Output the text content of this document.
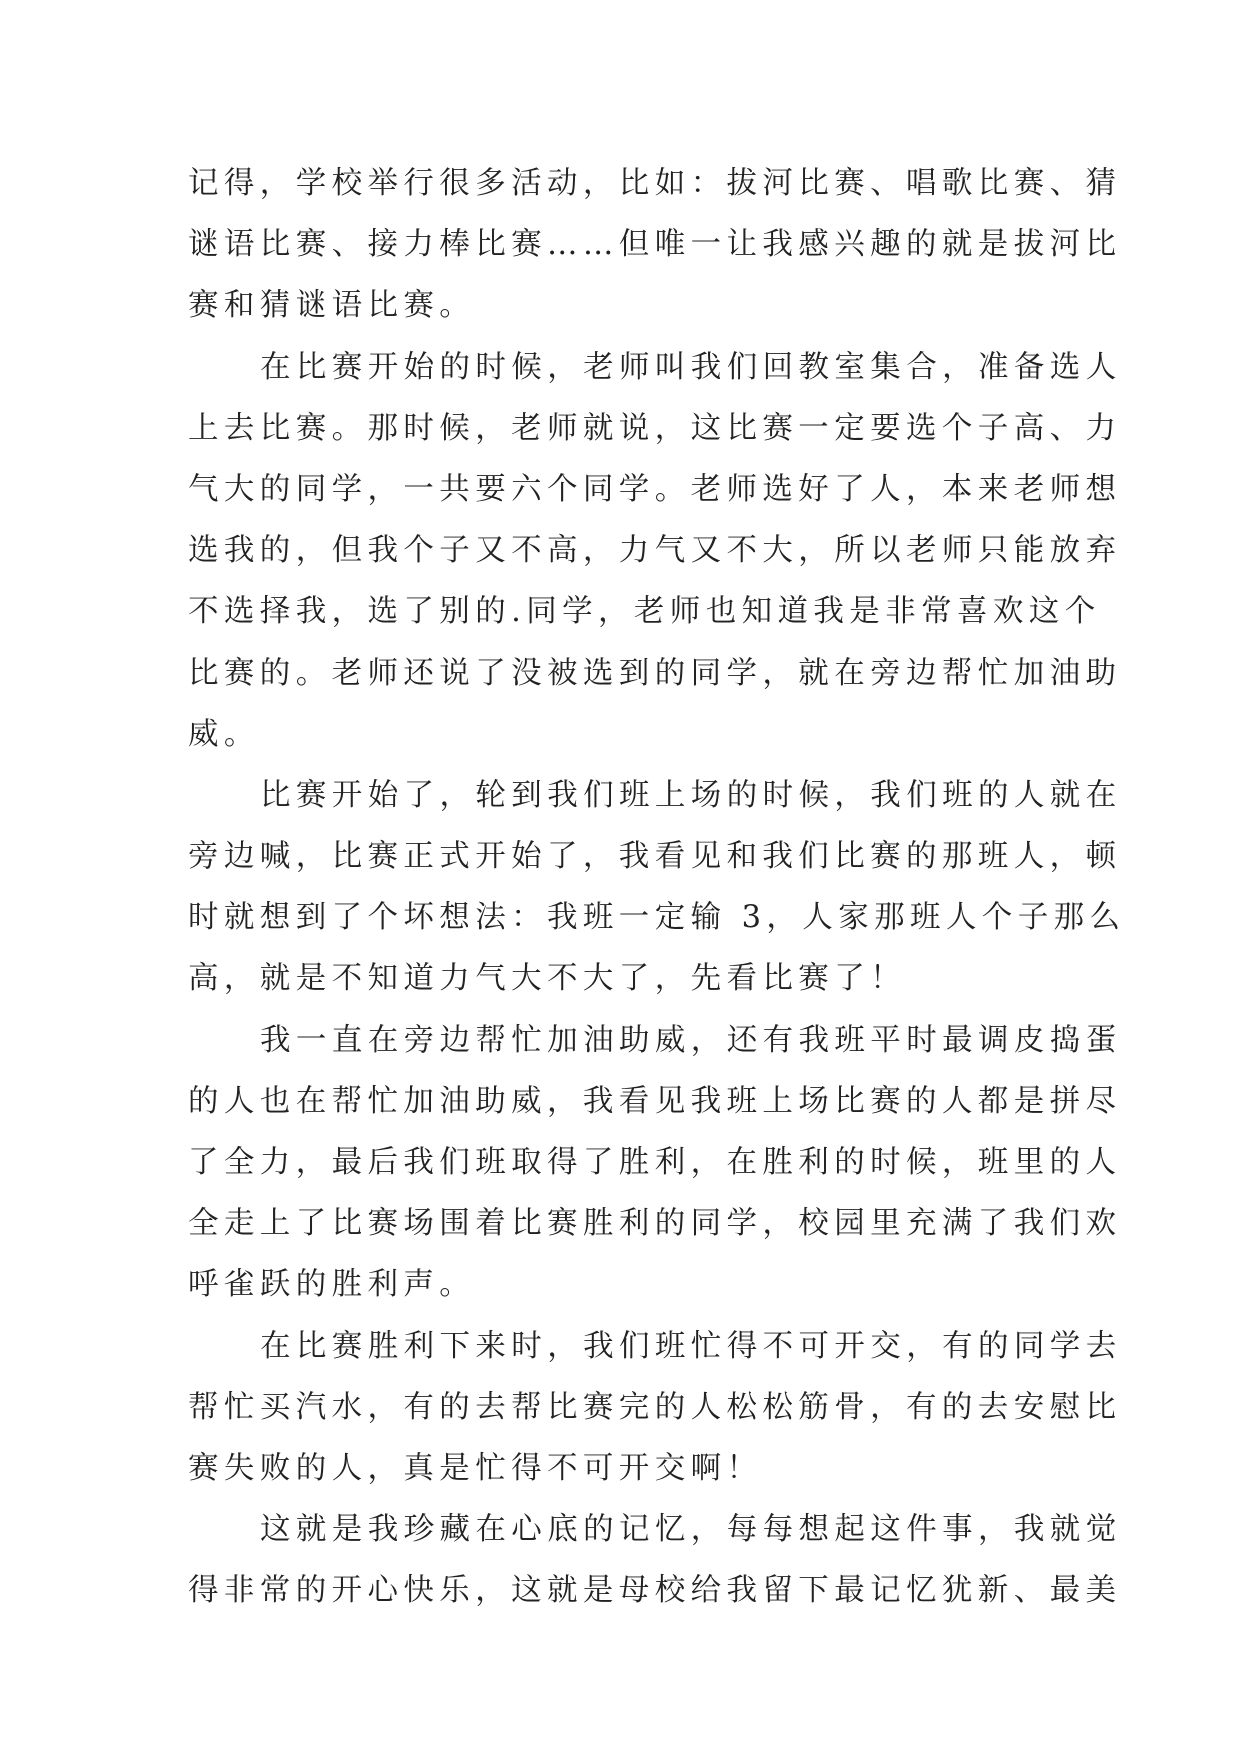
记得，学校举行很多活动，比如：拔河比赛、唱歌比赛、猜
谜语比赛、接力棒比赛……但唯一让我感兴趣的就是拔河比
赛和猜谜语比赛。
在比赛开始的时候，老师叫我们回教室集合，准备选人
上去比赛。那时候，老师就说，这比赛一定要选个子高、力
气大的同学，一共要六个同学。老师选好了人，本来老师想
选我的，但我个子又不高，力气又不大，所以老师只能放弃
不选择我，选了别的.同学，老师也知道我是非常喜欢这个
比赛的。老师还说了没被选到的同学，就在旁边帮忙加油助
威。
比赛开始了，轮到我们班上场的时候，我们班的人就在
旁边喊，比赛正式开始了，我看见和我们比赛的那班人，顿
时就想到了个坏想法：我班一定输 3，人家那班人个子那么
高，就是不知道力气大不大了，先看比赛了！
我一直在旁边帮忙加油助威，还有我班平时最调皮捣蛋
的人也在帮忙加油助威，我看见我班上场比赛的人都是拼尽
了全力，最后我们班取得了胜利，在胜利的时候，班里的人
全走上了比赛场围着比赛胜利的同学，校园里充满了我们欢
呼雀跃的胜利声。
在比赛胜利下来时，我们班忙得不可开交，有的同学去
帮忙买汽水，有的去帮比赛完的人松松筋骨，有的去安慰比
赛失败的人，真是忙得不可开交啊！
这就是我珍藏在心底的记忆，每每想起这件事，我就觉
得非常的开心快乐，这就是母校给我留下最记忆犹新、最美
